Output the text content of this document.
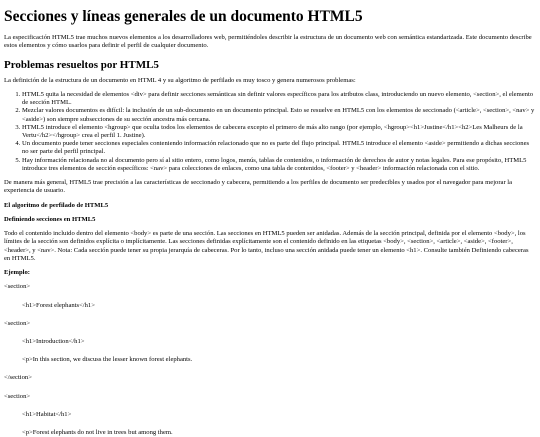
Secciones y líneas generales de un documento HTML5

La especificación HTML5 trae muchos nuevos elementos a los desarrolladores web, permitiéndoles describir la estructura de un documento web con semántica estandarizada. Este documento describe estos elementos y cómo usarlos para definir el perfil de cualquier documento.

Problemas resueltos por HTML5

La definición de la estructura de un documento en HTML 4 y su algoritmo de perfilado es muy tosco y genera numerosos problemas:

1. HTML5 quita la necesidad de elementos <div> para definir secciones semánticas sin definir valores específicos para los atributos class, introduciendo un nuevo elemento, <section>, el elemento de sección HTML.
2. Mezclar valores documentos es difícil: la inclusión de un sub-documento en un documento principal. Esto se resuelve en HTML5 con los elementos de seccionado (<article>, <section>, <nav> y <aside>) son siempre subsecciones de su sección ancestra más cercana.
3. HTML5 introduce el elemento <hgroup> que oculta todos los elementos de cabecera excepto el primero de más alto rango (por ejemplo, <hgroup><h1>Justine</h1><h2>Les Malheurs de la Vertu</h2></hgroup> crea el perfil 1. Justine).
4. Un documento puede tener secciones especiales conteniendo información relacionado que no es parte del flujo principal. HTML5 introduce el elemento <aside> permitiendo a dichas secciones no ser parte del perfil principal.
5. Hay información relacionada no al documento pero sí al sitio entero, como logos, menús, tablas de contenidos, o información de derechos de autor y notas legales. Para ese propósito, HTML5 introduce tres elementos de sección específicos: <nav> para colecciones de enlaces, como una tabla de contenidos, <footer> y <header> información relacionada con el sitio.

De manera más general, HTML5 trae precisión a las características de seccionado y cabecera, permitiendo a los perfiles de documento ser predecibles y usados por el navegador para mejorar la experiencia de usuario.

El algoritmo de perfilado de HTML5

Definiendo secciones en HTML5

Todo el contenido incluido dentro del elemento <body> es parte de una sección. Las secciones en HTML5 pueden ser anidadas. Además de la sección principal, definida por el elemento <body>, los límites de la sección son definidos explícita o implícitamente. Las secciones definidas explícitamente son el contenido definido en las etiquetas <body>, <section>, <article>, <aside>, <footer>, <header>, y <nav>. Nota: Cada sección puede tener su propia jerarquía de cabeceras. Por lo tanto, incluso una sección anidada puede tener un elemento <h1>. Consulte también Definiendo cabeceras en HTML5.

Ejemplo:

<section>

<h1>Forest elephants</h1>

<section>

<h1>Introduction</h1>

<p>In this section, we discuss the lesser known forest elephants.

</section>

<section>

<h1>Habitat</h1>

<p>Forest elephants do not live in trees but among them.
